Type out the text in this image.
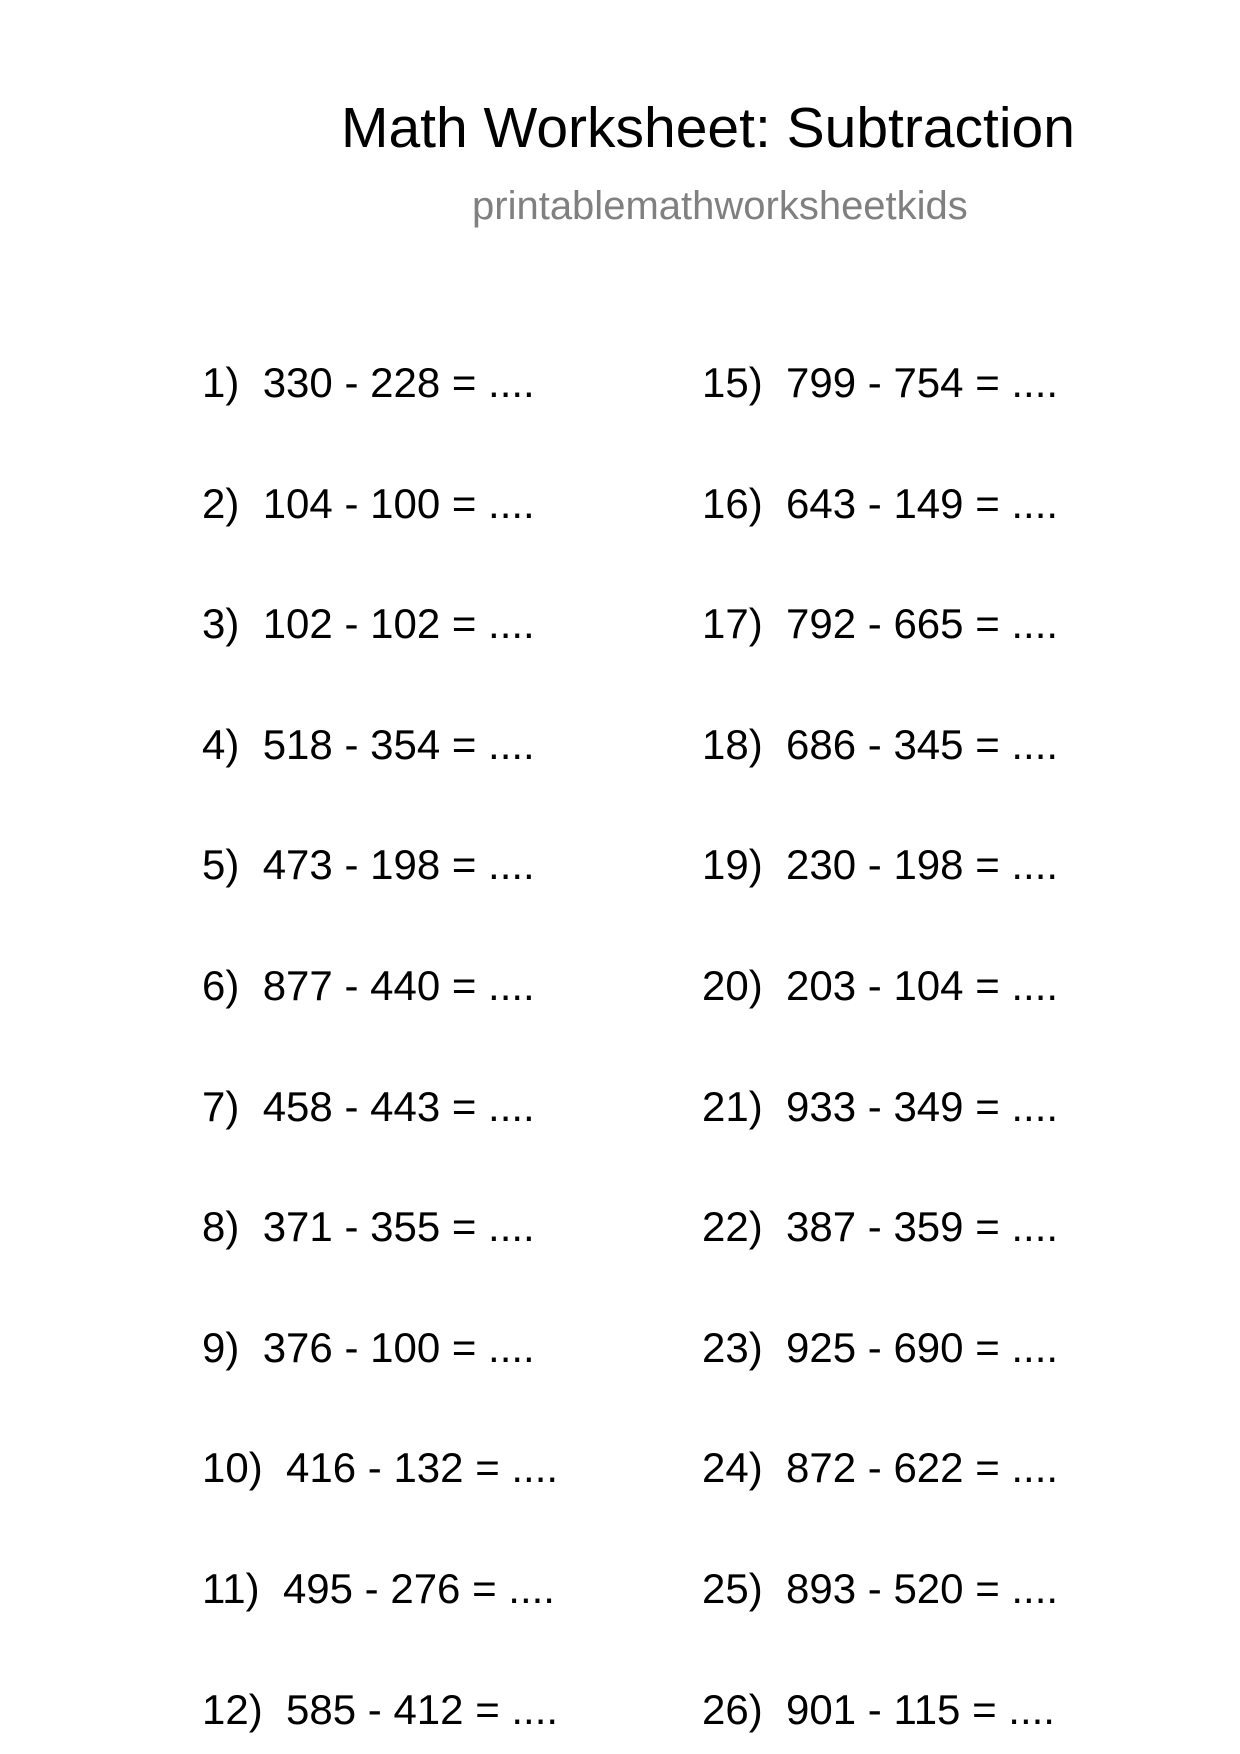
Math Worksheet: Subtraction
printablemathworksheetkids
1) 330 - 228 = ....
2) 104 - 100 = ....
3) 102 - 102 = ....
4) 518 - 354 = ....
5) 473 - 198 = ....
6) 877 - 440 = ....
7) 458 - 443 = ....
8) 371 - 355 = ....
9) 376 - 100 = ....
10) 416 - 132 = ....
11) 495 - 276 = ....
12) 585 - 412 = ....
15) 799 - 754 = ....
16) 643 - 149 = ....
17) 792 - 665 = ....
18) 686 - 345 = ....
19) 230 - 198 = ....
20) 203 - 104 = ....
21) 933 - 349 = ....
22) 387 - 359 = ....
23) 925 - 690 = ....
24) 872 - 622 = ....
25) 893 - 520 = ....
26) 901 - 115 = ....
